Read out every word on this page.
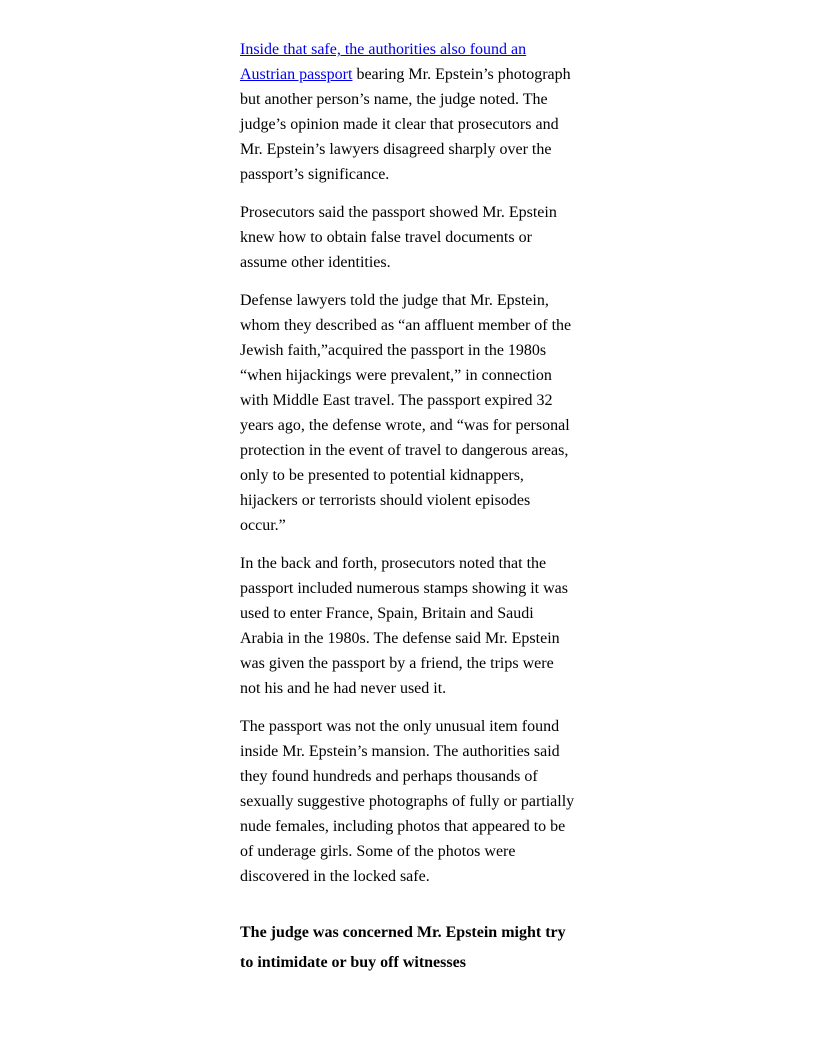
Inside that safe, the authorities also found an Austrian passport bearing Mr. Epstein’s photograph but another person’s name, the judge noted. The judge’s opinion made it clear that prosecutors and Mr. Epstein’s lawyers disagreed sharply over the passport’s significance.

Prosecutors said the passport showed Mr. Epstein knew how to obtain false travel documents or assume other identities.

Defense lawyers told the judge that Mr. Epstein, whom they described as “an affluent member of the Jewish faith,”acquired the passport in the 1980s “when hijackings were prevalent,” in connection with Middle East travel. The passport expired 32 years ago, the defense wrote, and “was for personal protection in the event of travel to dangerous areas, only to be presented to potential kidnappers, hijackers or terrorists should violent episodes occur.”

In the back and forth, prosecutors noted that the passport included numerous stamps showing it was used to enter France, Spain, Britain and Saudi Arabia in the 1980s. The defense said Mr. Epstein was given the passport by a friend, the trips were not his and he had never used it.

The passport was not the only unusual item found inside Mr. Epstein’s mansion. The authorities said they found hundreds and perhaps thousands of sexually suggestive photographs of fully or partially nude females, including photos that appeared to be of underage girls. Some of the photos were discovered in the locked safe.

The judge was concerned Mr. Epstein might try to intimidate or buy off witnesses
